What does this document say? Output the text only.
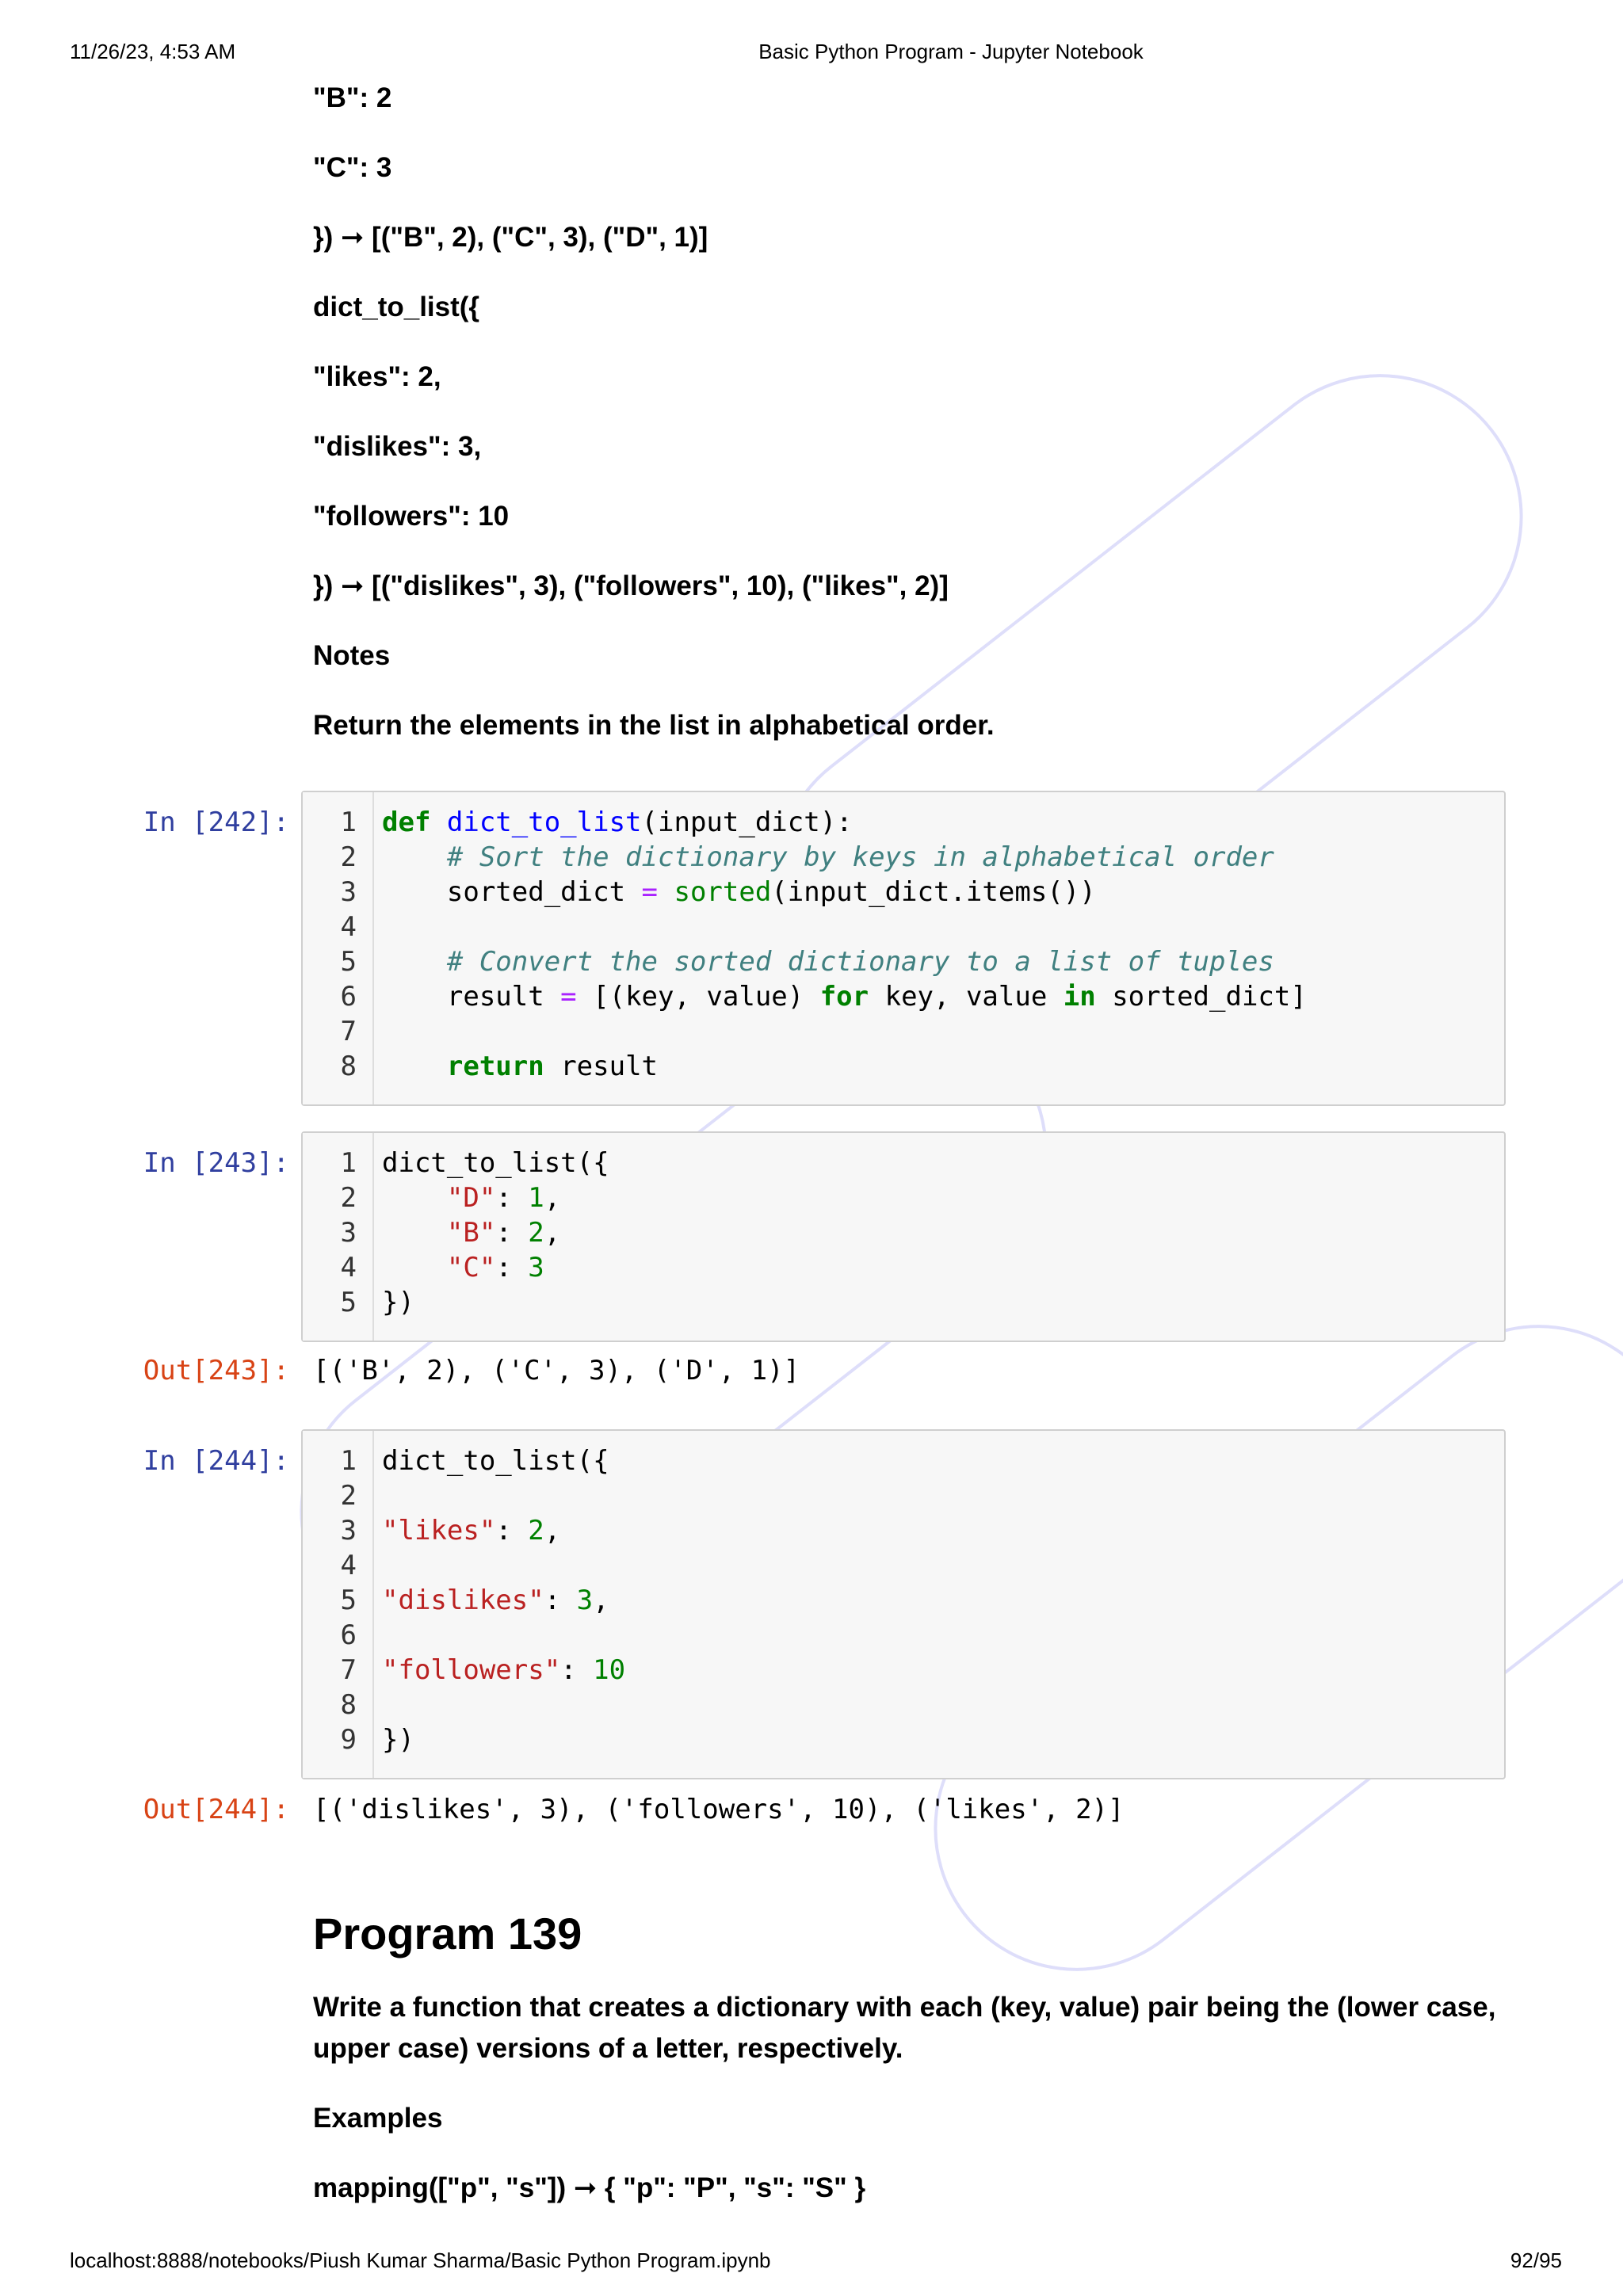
11/26/23, 4:53 AM	Basic Python Program - Jupyter Notebook
"B": 2
"C": 3
}) ➞ [("B", 2), ("C", 3), ("D", 1)]
dict_to_list({
"likes": 2,
"dislikes": 3,
"followers": 10
}) ➞ [("dislikes", 3), ("followers", 10), ("likes", 2)]
Notes
Return the elements in the list in alphabetical order.
In [242]:	1
2
3
4
5
6
7
8
def dict_to_list(input_dict):
# Sort the dictionary by keys in alphabetical order
sorted_dict = sorted(input_dict.items())
# Convert the sorted dictionary to a list of tuples
result = [(key, value) for key, value in sorted_dict]
return result
In [243]:	1
2
3
4
5
dict_to_list({
"D": 1,
"B": 2,
"C": 3
})
Out[243]: [('B', 2), ('C', 3), ('D', 1)]
In [244]:	1
2
3
4
5
6
7
8
9
dict_to_list({
"likes": 2,
"dislikes": 3,
"followers": 10
})
Out[244]: [('dislikes', 3), ('followers', 10), ('likes', 2)]
Program 139
Write a function that creates a dictionary with each (key, value) pair being the (lower case, upper case) versions of a letter, respectively.
Examples
mapping(["p", "s"]) ➞ { "p": "P", "s": "S" }
localhost:8888/notebooks/Piush Kumar Sharma/Basic Python Program.ipynb	92/95
